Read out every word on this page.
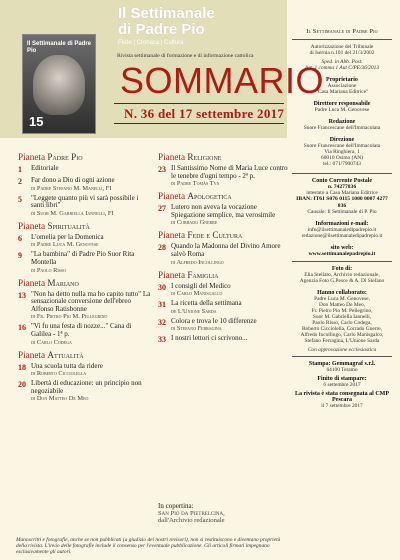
Il Settimanale di Padre Pio
15
Il Settimanale
di Padre Pio
Fede | Cronaca | Cultura
Rivista settimanale di formazione e di informazione cattolica
SOMMARIO
N. 36 del 17 settembre 2017
Pianeta Padre Pio
1	Editoriale
2	Far dono a Dio di ogni azione
di Padre Stefano M. Manelli, FI
5	"Leggete quanto più vi sarà possibile i santi libri"
di Suor M. Gabriella Iannelli, FI
Pianeta Spiritualità
6	L'omelia per la Domenica
di Padre Luca M. Genovese
9	"La bambina" di Padre Pio Suor Rita Montella
di Paolo Risso
Pianeta Mariano
13 "Non ha detto nulla ma ho capito tutto" La sensazionale conversione dell'ebreo Alfonso Ratisbonne
di Fr. Pietro Pio M. Pellegrino
16 "Vi fu una festa di nozze..." Cana di Galilea - 1ª p.
di Carlo Codega
Pianeta Attualità
18 Una scuola tutta da ridere
di Roberto Cicciolella
20 Libertà di educazione: un principio non negoziabile
di Don Matteo De Meo
Pianeta Religione
23 Il Santissimo Nome di Maria Luce contro le tenebre d'ogni tempo - 2ª p.
di Padre Tomás Tyn
Pianeta Apologetica
27 Lutero non aveva la vocazione Spiegazione semplice, ma verosimile
di Corrado Gnerre
Pianeta Fede e Cultura
28 Quando la Madonna del Divino Amore salvò Roma
di Alfredo Incollingo
Pianeta Famiglia
30 I consigli del Medico
di Carlo Manisgalco
31 La ricetta della settimana
de L'Unione Sarda
32 Colora e trova le 10 differenze
di Stefano Ferragina
33 I nostri lettori ci scrivono...
In copertina:
San Pio da Pietrelcina,
dall'Archivio redazionale
Manoscritti e fotografie, anche se non pubblicati (a giudizio dei nostri revisori), non si restituiscono e diventano proprietà della rivista. L'invio delle fotografie include il consenso per l'eventuale pubblicazione. Gli articoli firmati impegnano esclusivamente gli autori.
Il Settimanale di Padre Pio
Autorizzazione del Tribunale
di Isernia n.101 del 21/3/2002
Sped. in Abb. Post.
Art. 1 comma 1 Aut C/PE/36/2013
Proprietario
Associazione
"Casa Mariana Editrice"
Direttore responsabile
Padre Luca M. Genovese
Redazione
Suore Francescane dell'Immacolata
Direzione
Suore Francescane dell'Immacolata
Via Ringhiera, 1
60010 Osimo (AN)
tel.: 071/7900743
Conto Corrente Postale
n. 74277836
intestato a Casa Mariana Editrice
IBAN: IT61 S076 0115 1000 0007 4277 836
Causale: Il Settimanale di P. Pio
Informazioni e-mail:
info@ilsettimanaledipadrepio.it
redazione@ilsettimanaledipadrepio.it
sito web:
www.settimanalepadrepio.it
Foto di:
Elia Stellato, Archivio redazionale,
Agenzia Foto G.Pesce & A. Di Stefano
Hanno collaborato:
Padre Luca M. Genovese,
Don Matteo De Meo,
Fr. Pietro Pio M. Pellegrino,
Suor M. Gabriella Iannelli,
Paolo Risso, Carlo Codega,
Roberto Cicciolella, Corrado Gnerre,
Alfredo Incollingo, Carlo Manisgalco,
Stefano Ferragina, L'Unione Sarda
Con approvazione ecclesiastica
Stampa: Gemmagraf s.r.l.
64100 Teramo
Finito di stampare:
6 settembre 2017
La rivista è stata consegnata al CMP Pescara
il 7 settembre 2017
